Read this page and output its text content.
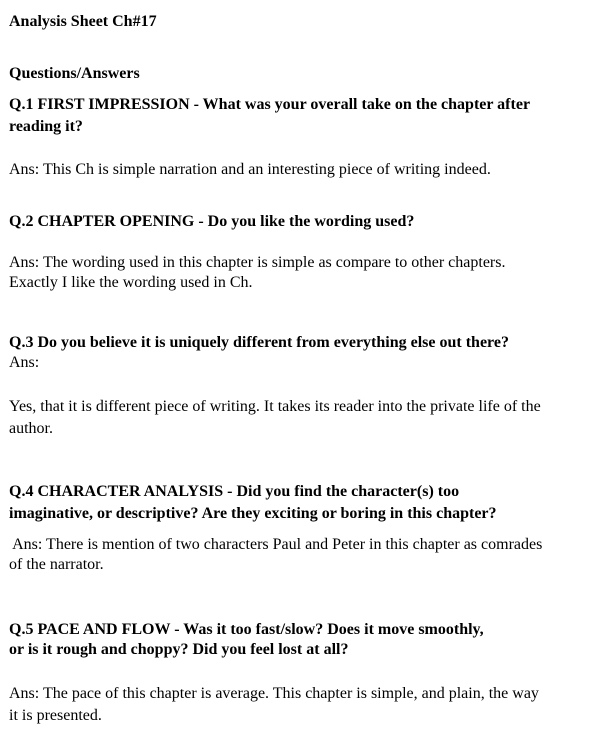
Analysis Sheet Ch#17
Questions/Answers
Q.1 FIRST IMPRESSION - What was your overall take on the chapter after
reading it?
Ans: This Ch is simple narration and an interesting piece of writing indeed.
Q.2 CHAPTER OPENING - Do you like the wording used?
Ans: The wording used in this chapter is simple as compare to other chapters.
Exactly I like the wording used in Ch.
Q.3 Do you believe it is uniquely different from everything else out there?
Ans:
Yes, that it is different piece of writing. It takes its reader into the private life of the
author.
Q.4 CHARACTER ANALYSIS - Did you find the character(s) too
imaginative, or descriptive? Are they exciting or boring in this chapter?
Ans: There is mention of two characters Paul and Peter in this chapter as comrades
of the narrator.
Q.5 PACE AND FLOW - Was it too fast/slow? Does it move smoothly,
or is it rough and choppy? Did you feel lost at all?
Ans: The pace of this chapter is average. This chapter is simple, and plain, the way
it is presented.
